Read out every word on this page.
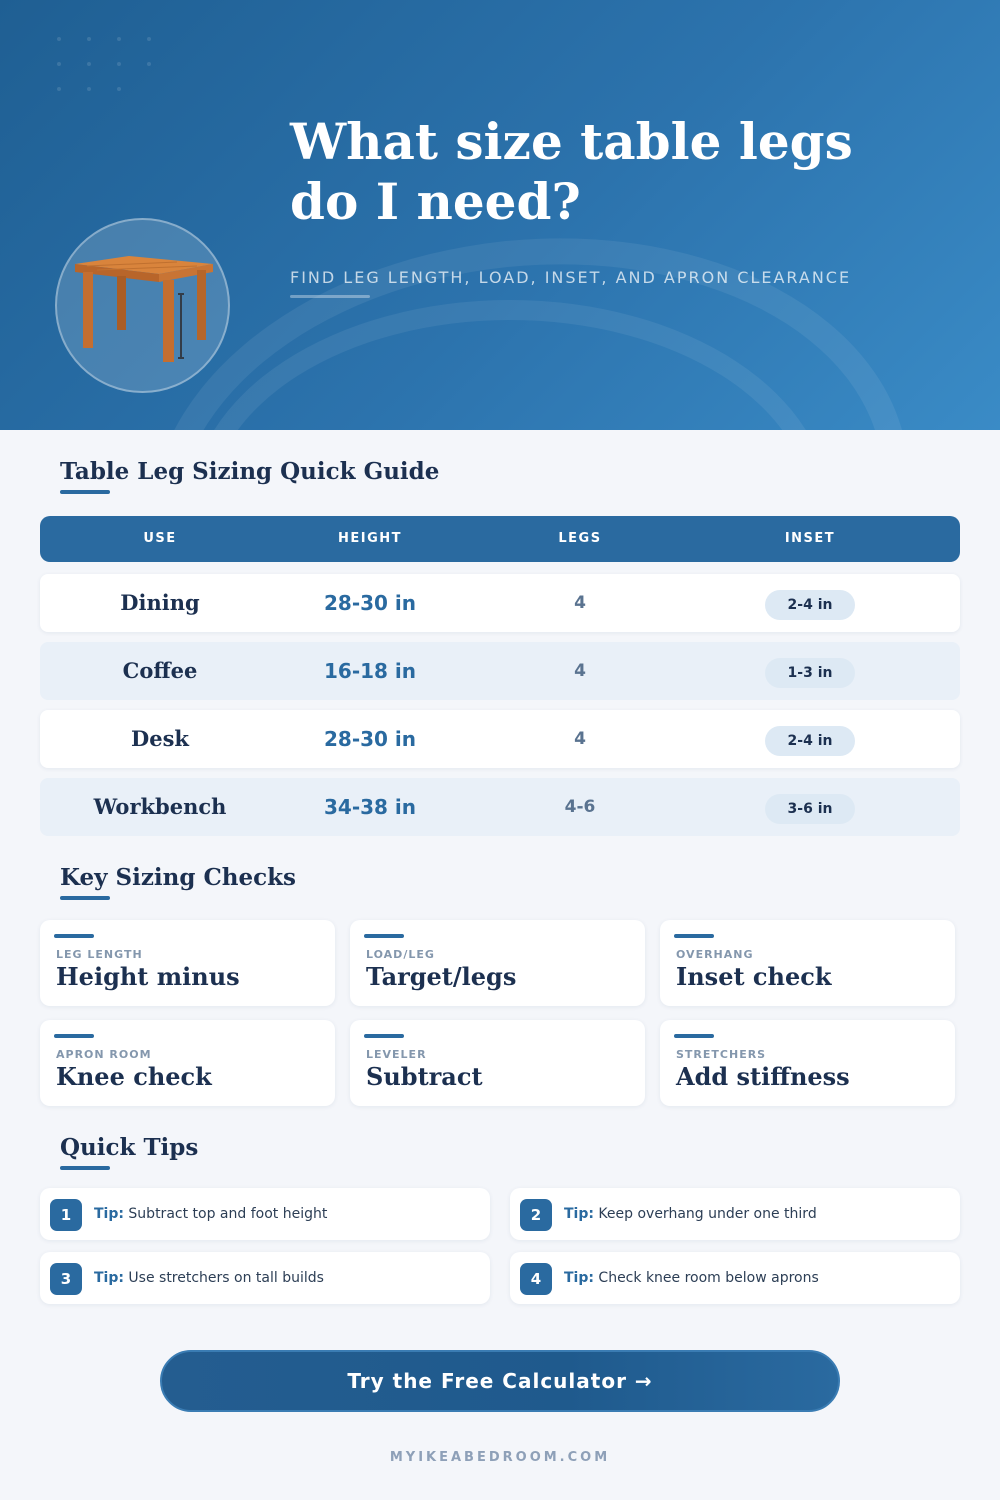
What size table legs do I need?
FIND LEG LENGTH, LOAD, INSET, AND APRON CLEARANCE
Table Leg Sizing Quick Guide
USE	HEIGHT	LEGS	INSET
Dining	28-30 in	4	2-4 in
Coffee	16-18 in	4	1-3 in
Desk	28-30 in	4	2-4 in
Workbench	34-38 in	4-6	3-6 in
Key Sizing Checks
LEG LENGTH
Height minus
LOAD/LEG
Target/legs
OVERHANG
Inset check
APRON ROOM
Knee check
LEVELER
Subtract
STRETCHERS
Add stiffness
Quick Tips
1	Tip: Subtract top and foot height	2	Tip: Keep overhang under one third
3	Tip: Use stretchers on tall builds	4	Tip: Check knee room below aprons
Try the Free Calculator →
MYIKEABEDROOM.COM
